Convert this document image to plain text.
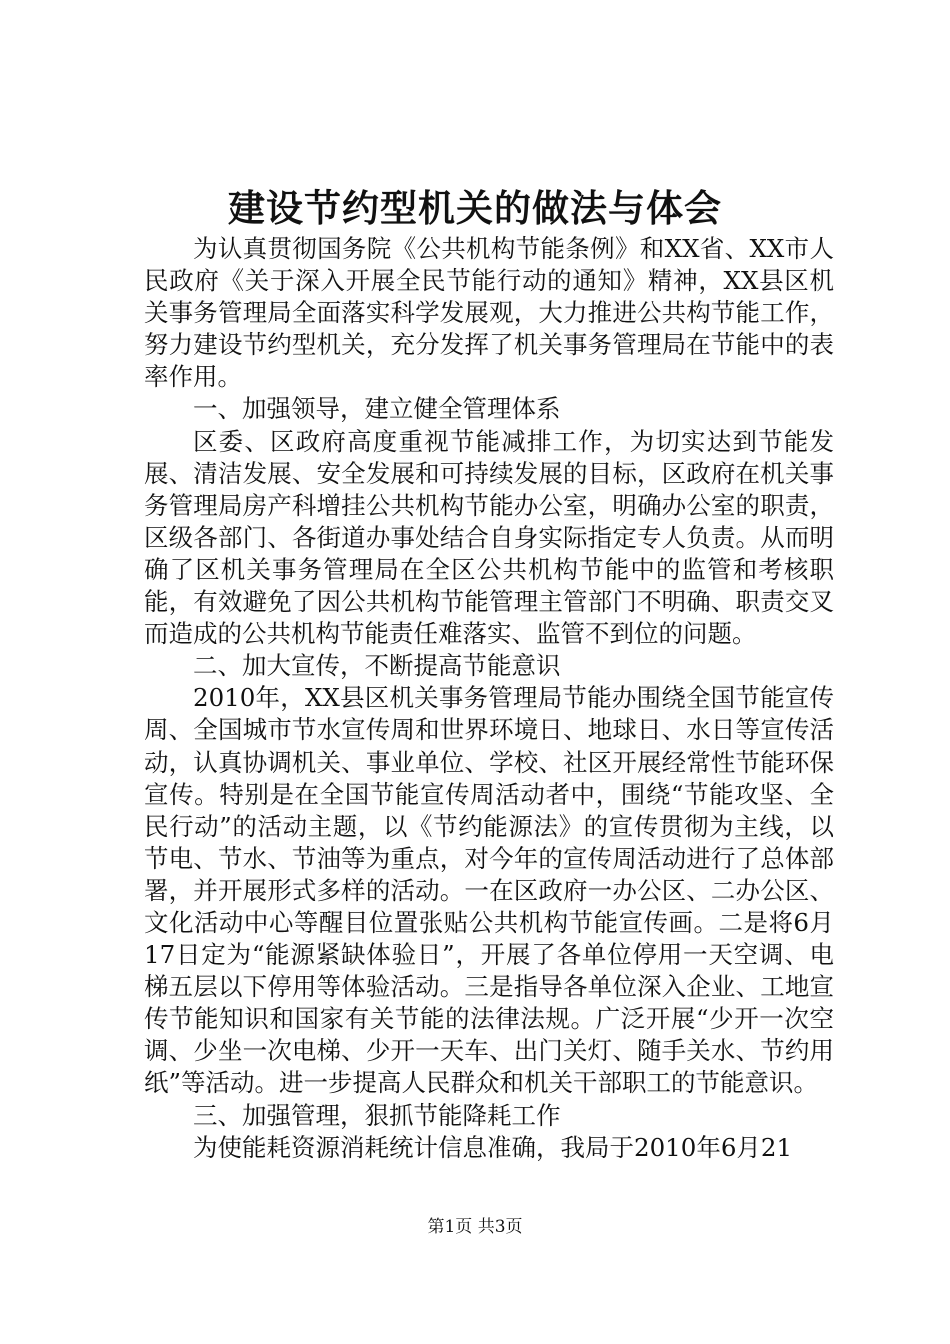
建设节约型机关的做法与体会

为认真贯彻国务院《公共机构节能条例》和XX省、XX市人民政府《关于深入开展全民节能行动的通知》精神，XX县区机关事务管理局全面落实科学发展观，大力推进公共构节能工作，努力建设节约型机关，充分发挥了机关事务管理局在节能中的表率作用。

一、加强领导，建立健全管理体系

区委、区政府高度重视节能减排工作，为切实达到节能发展、清洁发展、安全发展和可持续发展的目标，区政府在机关事务管理局房产科增挂公共机构节能办公室，明确办公室的职责，区级各部门、各街道办事处结合自身实际指定专人负责。从而明确了区机关事务管理局在全区公共机构节能中的监管和考核职能，有效避免了因公共机构节能管理主管部门不明确、职责交叉而造成的公共机构节能责任难落实、监管不到位的问题。

二、加大宣传，不断提高节能意识

2010年，XX县区机关事务管理局节能办围绕全国节能宣传周、全国城市节水宣传周和世界环境日、地球日、水日等宣传活动，认真协调机关、事业单位、学校、社区开展经常性节能环保宣传。特别是在全国节能宣传周活动者中，围绕“节能攻坚、全民行动”的活动主题，以《节约能源法》的宣传贯彻为主线，以节电、节水、节油等为重点，对今年的宣传周活动进行了总体部署，并开展形式多样的活动。一在区政府一办公区、二办公区、文化活动中心等醒目位置张贴公共机构节能宣传画。二是将6月17日定为“能源紧缺体验日”，开展了各单位停用一天空调、电梯五层以下停用等体验活动。三是指导各单位深入企业、工地宣传节能知识和国家有关节能的法律法规。广泛开展“少开一次空调、少坐一次电梯、少开一天车、出门关灯、随手关水、节约用纸”等活动。进一步提高人民群众和机关干部职工的节能意识。

三、加强管理，狠抓节能降耗工作

为使能耗资源消耗统计信息准确，我局于2010年6月21

第1页 共3页
